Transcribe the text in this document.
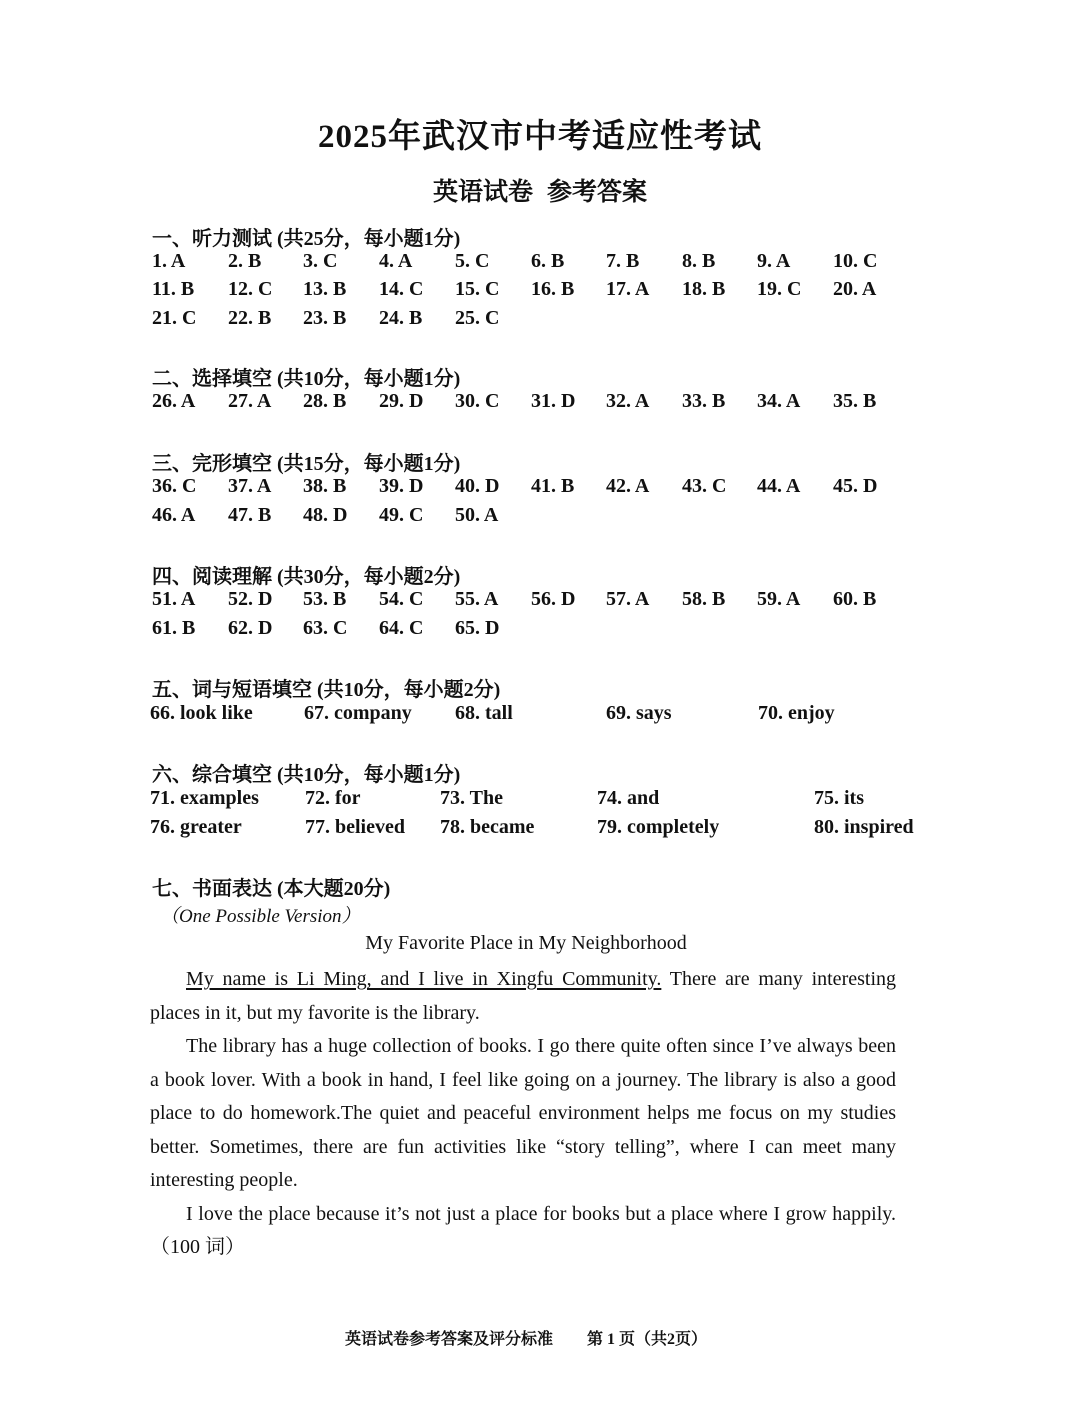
2025年武汉市中考适应性考试
英语试卷 参考答案
一、听力测试 (共25分，每小题1分)
1. A 2. B 3. C 4. A 5. C 6. B 7. B 8. B 9. A 10. C
11. B 12. C 13. B 14. C 15. C 16. B 17. A 18. B 19. C 20. A
21. C 22. B 23. B 24. B 25. C
二、选择填空 (共10分，每小题1分)
26. A 27. A 28. B 29. D 30. C 31. D 32. A 33. B 34. A 35. B
三、完形填空 (共15分，每小题1分)
36. C 37. A 38. B 39. D 40. D 41. B 42. A 43. C 44. A 45. D
46. A 47. B 48. D 49. C 50. A
四、阅读理解 (共30分，每小题2分)
51. A 52. D 53. B 54. C 55. A 56. D 57. A 58. B 59. A 60. B
61. B 62. D 63. C 64. C 65. D
五、词与短语填空 (共10分，每小题2分)
66. look like	67. company 68. tall	69. says	70. enjoy
六、综合填空 (共10分，每小题1分)
71. examples 72. for	73. The	74. and	75. its
76. greater	77. believed 78. became	79. completely	80. inspired
七、书面表达 (本大题20分)
（One Possible Version）
My Favorite Place in My Neighborhood

My name is Li Ming, and I live in Xingfu Community. There are many interesting places in it, but my favorite is the library.

The library has a huge collection of books. I go there quite often since I’ve always been a book lover. With a book in hand, I feel like going on a journey. The library is also a good place to do homework.The quiet and peaceful environment helps me focus on my studies better. Sometimes, there are fun activities like “story telling”, where I can meet many interesting people.

I love the place because it’s not just a place for books but a place where I grow happily.（100 词）

英语试卷参考答案及评分标准 第 1 页（共2页）
